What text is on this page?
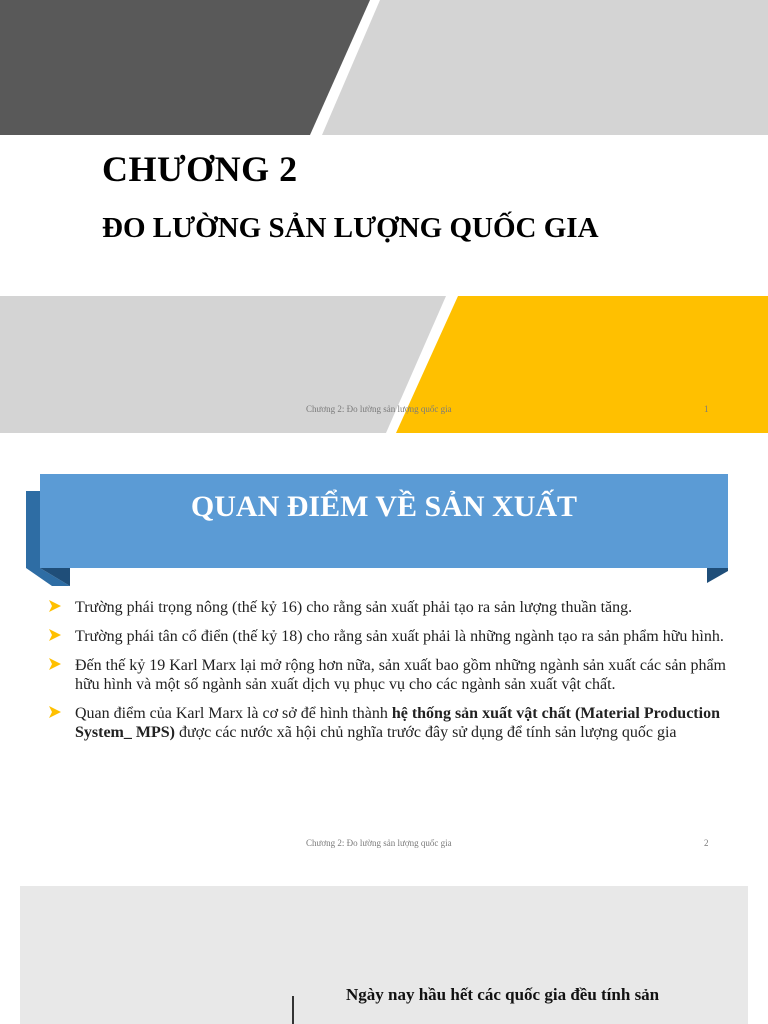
CHƯƠNG 2
ĐO LƯỜNG SẢN LƯỢNG QUỐC GIA
Chương 2: Đo lường sản lượng quốc gia	1
QUAN ĐIỂM VỀ SẢN XUẤT
Trường phái trọng nông (thế kỷ 16) cho rằng sản xuất phải tạo ra sản lượng thuần tăng.
Trường phái tân cổ điển (thế kỷ 18) cho rằng sản xuất phải là những ngành tạo ra sản phẩm hữu hình.
Đến thế kỷ 19 Karl Marx lại mở rộng hơn nữa, sản xuất bao gồm những ngành sản xuất các sản phẩm hữu hình và một số ngành sản xuất dịch vụ phục vụ cho các ngành sản xuất vật chất.
Quan điểm của Karl Marx là cơ sở để hình thành hệ thống sản xuất vật chất (Material Production System_ MPS) được các nước xã hội chủ nghĩa trước đây sử dụng để tính sản lượng quốc gia
Chương 2: Đo lường sản lượng quốc gia	2
Ngày nay hầu hết các quốc gia đều tính sản
